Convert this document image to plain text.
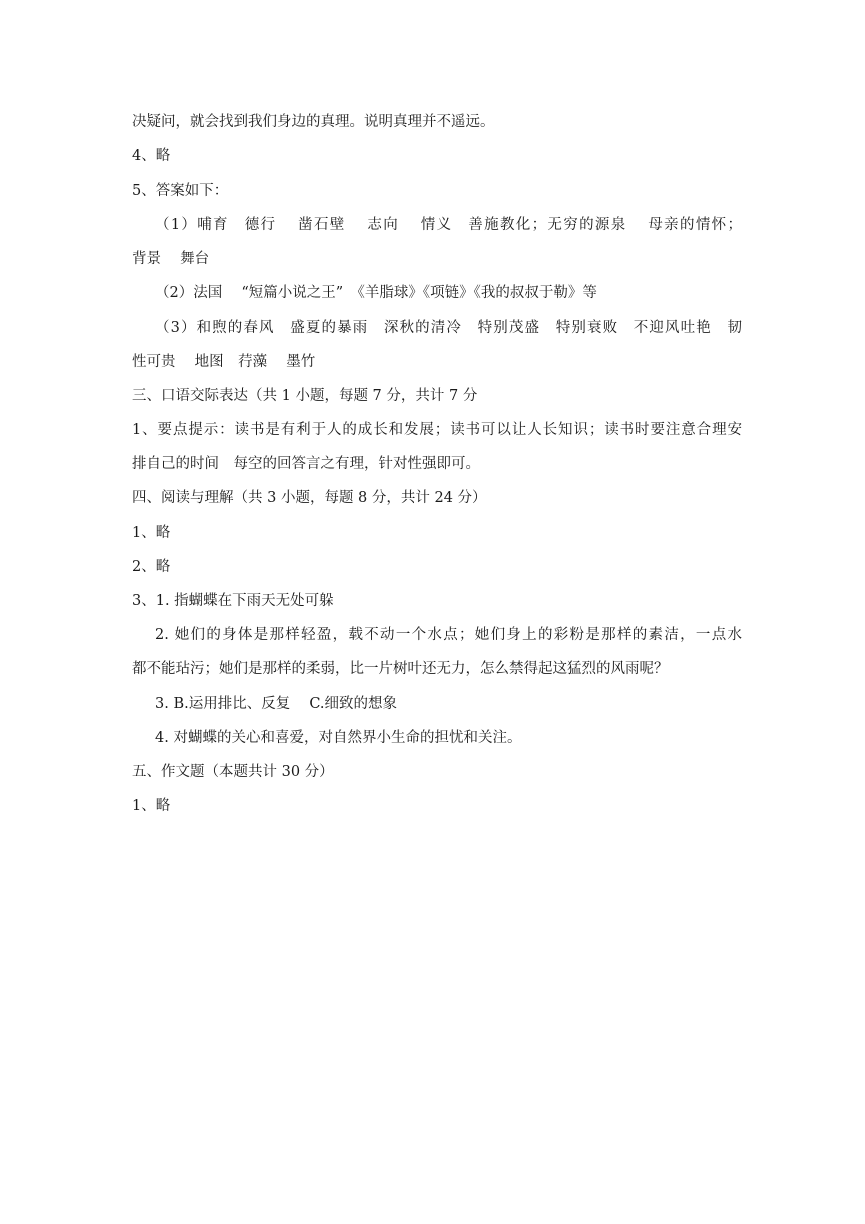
决疑问，就会找到我们身边的真理。说明真理并不遥远。
4、略
5、答案如下：
（1）哺育　德行　 凿石壁　 志向　 情义　善施教化；无穷的源泉　 母亲的情怀；
背景　 舞台
（2）法国　 “短篇小说之王”　《羊脂球》《项链》《我的叔叔于勒》等
（3）和煦的春风　盛夏的暴雨　深秋的清冷　特别茂盛　特别衰败　不迎风吐艳　韧
性可贵　 地图　荇藻　 墨竹
三、口语交际表达（共 1 小题，每题 7 分，共计 7 分
1、要点提示：读书是有利于人的成长和发展；读书可以让人长知识；读书时要注意合理安
排自己的时间　每空的回答言之有理，针对性强即可。
四、阅读与理解（共 3 小题，每题 8 分，共计 24 分）
1、略
2、略
3、1. 指蝴蝶在下雨天无处可躲
2. 她们的身体是那样轻盈，载不动一个水点；她们身上的彩粉是那样的素洁，一点水
都不能玷污；她们是那样的柔弱，比一片树叶还无力，怎么禁得起这猛烈的风雨呢？
3. B.运用排比、反复　 C.细致的想象
4. 对蝴蝶的关心和喜爱，对自然界小生命的担忧和关注。
五、作文题（本题共计 30 分）
1、略
